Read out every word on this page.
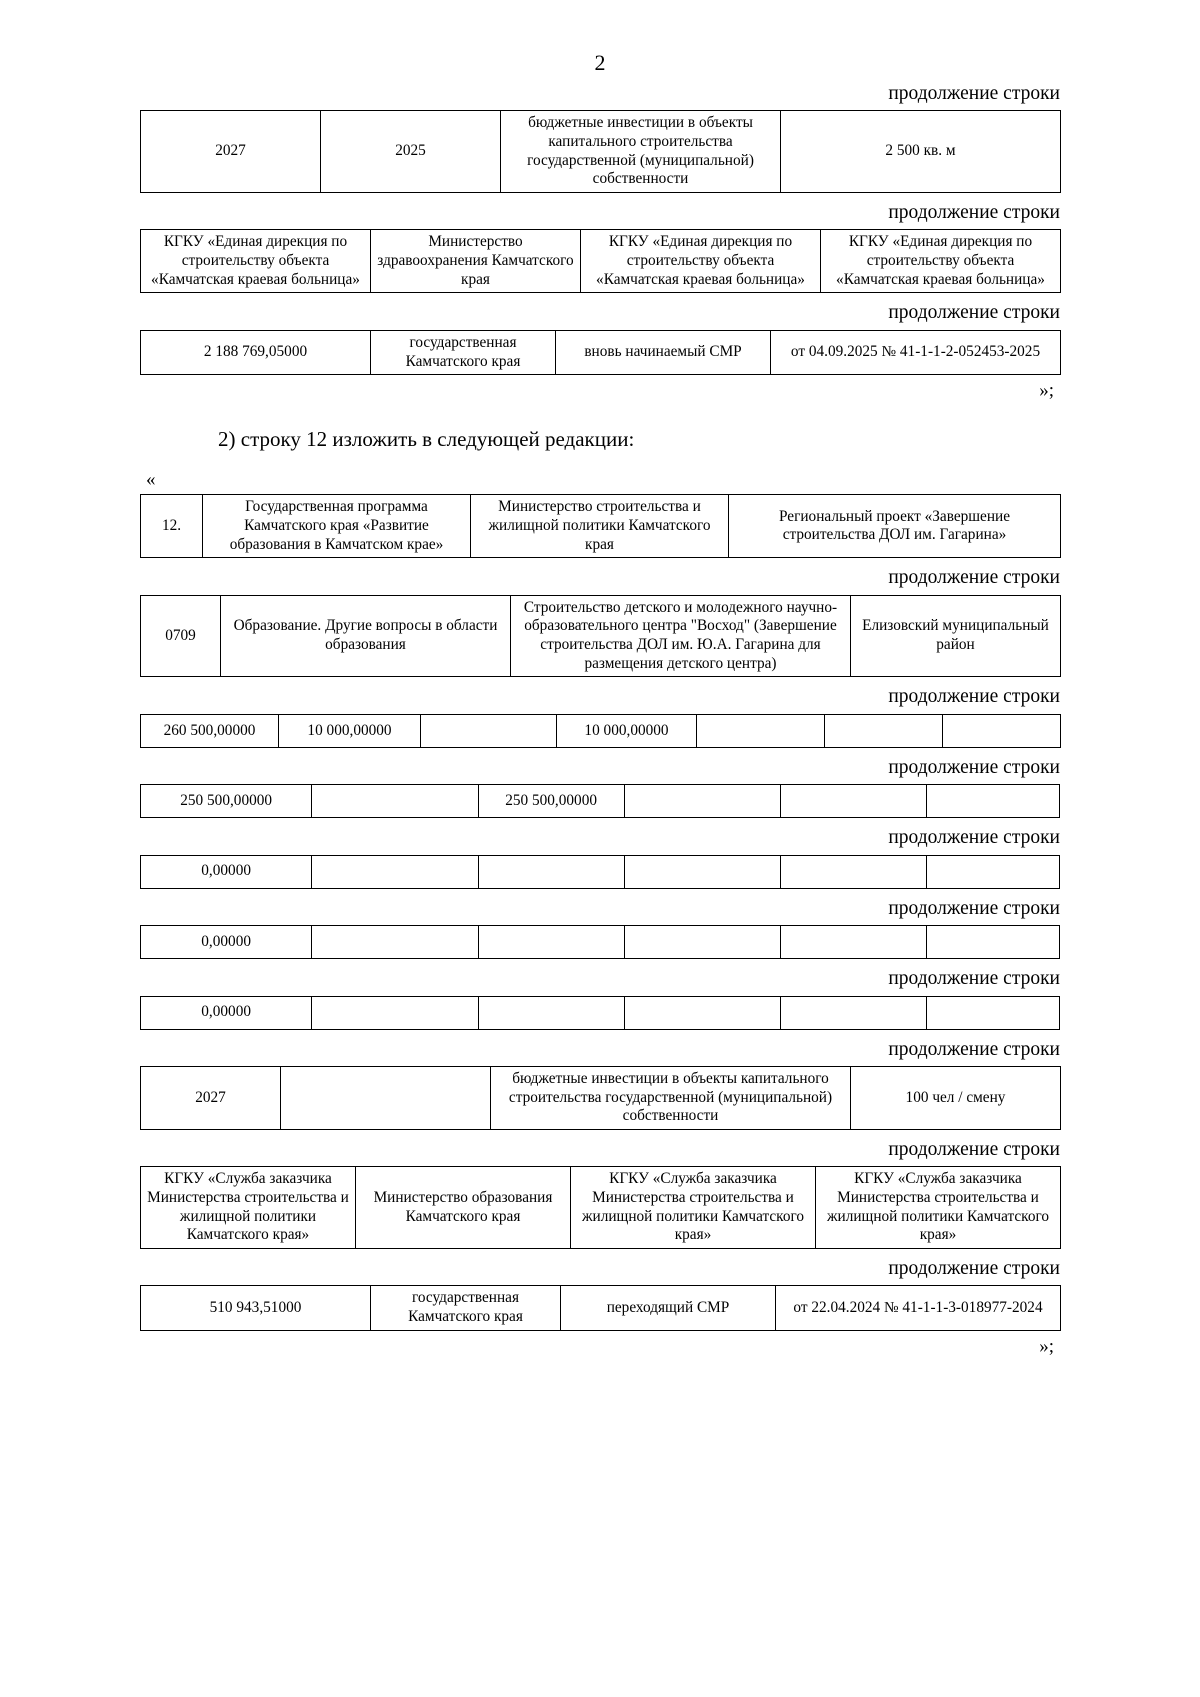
2
продолжение строки
2027	2025	бюджетные инвестиции в объекты капитального строительства государственной (муниципальной) собственности	2 500 кв. м
продолжение строки
КГКУ «Единая дирекция по строительству объекта «Камчатская краевая больница»	Министерство здравоохранения Камчатского края	КГКУ «Единая дирекция по строительству объекта «Камчатская краевая больница»	КГКУ «Единая дирекция по строительству объекта «Камчатская краевая больница»
продолжение строки
2 188 769,05000	государственная Камчатского края	вновь начинаемый СМР	от 04.09.2025 № 41-1-1-2-052453-2025
»;
2) строку 12 изложить в следующей редакции:
«
12.	Государственная программа Камчатского края «Развитие образования в Камчатском крае»	Министерство строительства и жилищной политики Камчатского края	Региональный проект «Завершение строительства ДОЛ им. Гагарина»
продолжение строки
0709	Образование. Другие вопросы в области образования	Строительство детского и молодежного научно-образовательного центра "Восход" (Завершение строительства ДОЛ им. Ю.А. Гагарина для размещения детского центра)	Елизовский муниципальный район
продолжение строки
260 500,00000	10 000,00000		10 000,00000			
продолжение строки
250 500,00000		250 500,00000			
продолжение строки
0,00000					
продолжение строки
0,00000					
продолжение строки
0,00000					
продолжение строки
2027		бюджетные инвестиции в объекты капитального строительства государственной (муниципальной) собственности	100 чел / смену
продолжение строки
КГКУ «Служба заказчика Министерства строительства и жилищной политики Камчатского края»	Министерство образования Камчатского края	КГКУ «Служба заказчика Министерства строительства и жилищной политики Камчатского края»	КГКУ «Служба заказчика Министерства строительства и жилищной политики Камчатского края»
продолжение строки
510 943,51000	государственная Камчатского края	переходящий СМР	от 22.04.2024 № 41-1-1-3-018977-2024
»;
